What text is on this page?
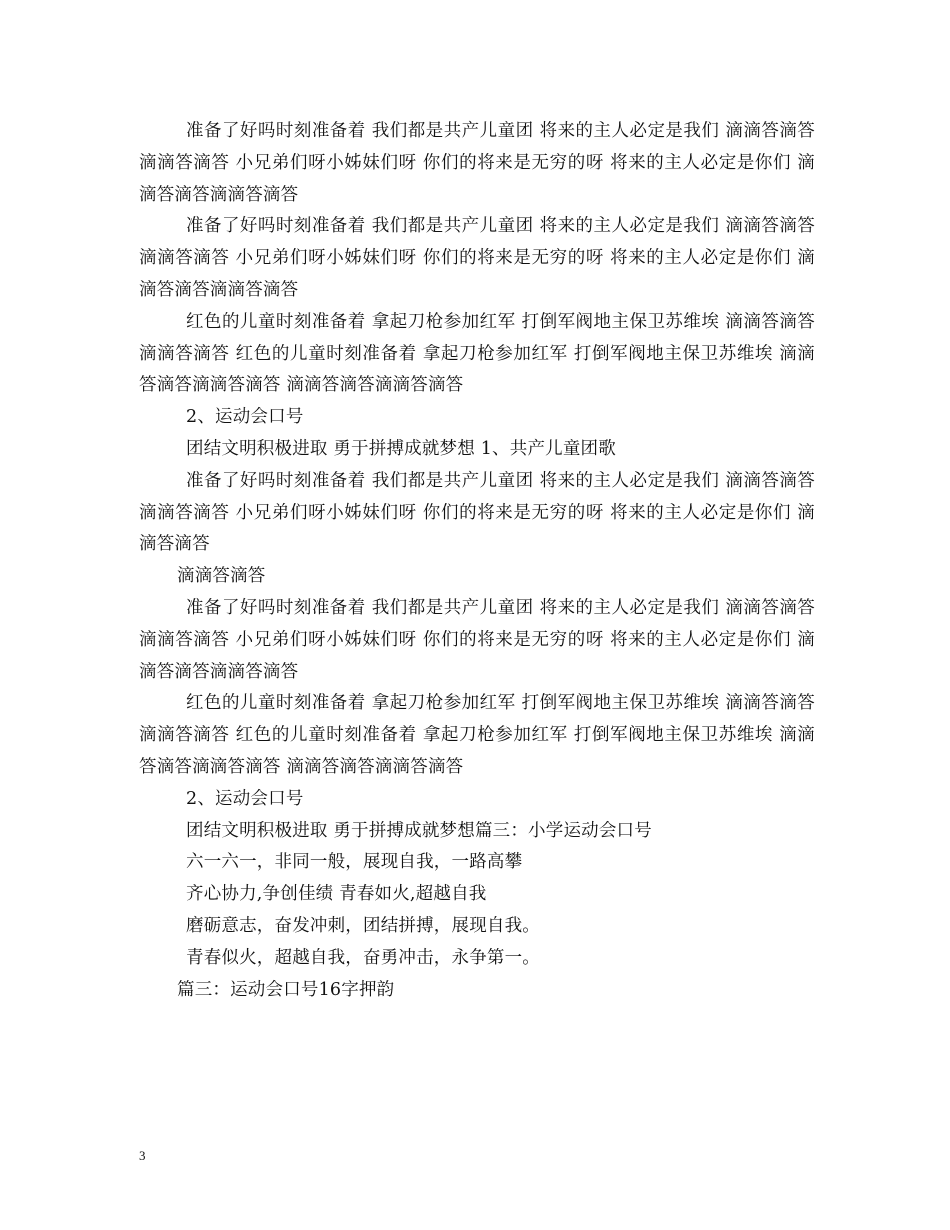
准备了好吗时刻准备着 我们都是共产儿童团 将来的主人必定是我们 滴滴答滴答滴滴答滴答 小兄弟们呀小姊妹们呀 你们的将来是无穷的呀 将来的主人必定是你们 滴滴答滴答滴滴答滴答

准备了好吗时刻准备着 我们都是共产儿童团 将来的主人必定是我们 滴滴答滴答滴滴答滴答 小兄弟们呀小姊妹们呀 你们的将来是无穷的呀 将来的主人必定是你们 滴滴答滴答滴滴答滴答

红色的儿童时刻准备着 拿起刀枪参加红军 打倒军阀地主保卫苏维埃 滴滴答滴答滴滴答滴答 红色的儿童时刻准备着 拿起刀枪参加红军 打倒军阀地主保卫苏维埃 滴滴答滴答滴滴答滴答 滴滴答滴答滴滴答滴答

2、运动会口号

团结文明积极进取 勇于拼搏成就梦想 1、共产儿童团歌

准备了好吗时刻准备着 我们都是共产儿童团 将来的主人必定是我们 滴滴答滴答滴滴答滴答 小兄弟们呀小姊妹们呀 你们的将来是无穷的呀 将来的主人必定是你们 滴滴答滴答

滴滴答滴答

准备了好吗时刻准备着 我们都是共产儿童团 将来的主人必定是我们 滴滴答滴答滴滴答滴答 小兄弟们呀小姊妹们呀 你们的将来是无穷的呀 将来的主人必定是你们 滴滴答滴答滴滴答滴答

红色的儿童时刻准备着 拿起刀枪参加红军 打倒军阀地主保卫苏维埃 滴滴答滴答滴滴答滴答 红色的儿童时刻准备着 拿起刀枪参加红军 打倒军阀地主保卫苏维埃 滴滴答滴答滴滴答滴答 滴滴答滴答滴滴答滴答

2、运动会口号

团结文明积极进取 勇于拼搏成就梦想篇三：小学运动会口号

六一六一，非同一般，展现自我，一路高攀

齐心协力,争创佳绩 青春如火,超越自我

磨砺意志，奋发冲刺，团结拼搏，展现自我。

青春似火，超越自我，奋勇冲击，永争第一。

篇三：运动会口号16字押韵

3
